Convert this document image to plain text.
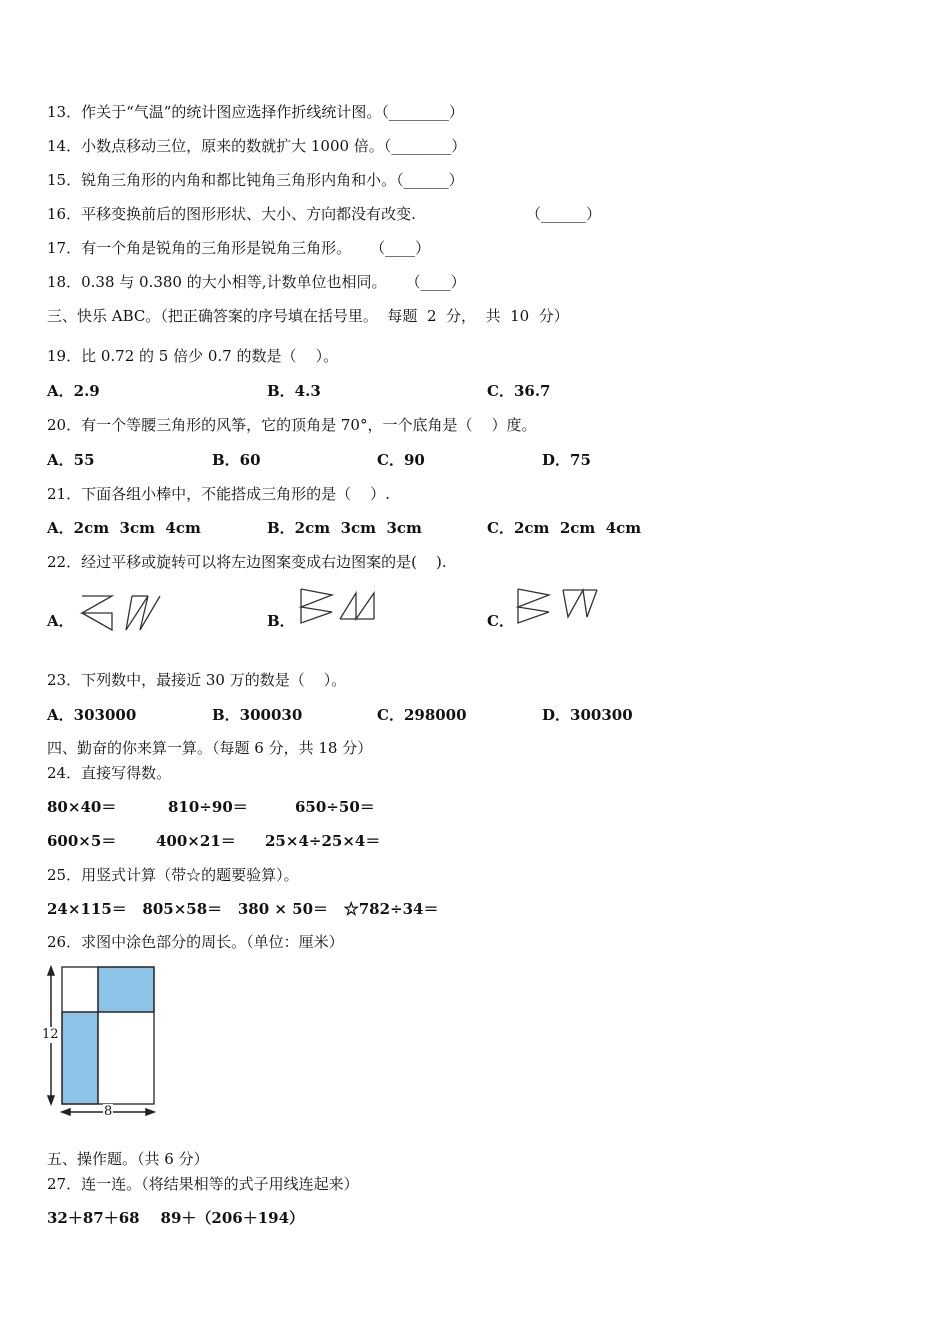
13．作关于“气温”的统计图应选择作折线统计图。（________）
14．小数点移动三位，原来的数就扩大 1000 倍。（________）
15．锐角三角形的内角和都比钝角三角形内角和小。（______）
16．平移变换前后的图形形状、大小、方向都没有改变.	（______）
17．有一个角是锐角的三角形是锐角三角形。    （____）
18．0.38 与 0.380 的大小相等,计数单位也相同。    （____）
三、快乐 ABC。（把正确答案的序号填在括号里。  每题  2  分，  共  10  分）
19．比 0.72 的 5 倍少 0.7 的数是（    ）。
A．2.9	B．4.3	C．36.7
20．有一个等腰三角形的风筝，它的顶角是 70°，一个底角是（    ）度。
A．55	B．60	C．90	D．75
21．下面各组小棒中，不能搭成三角形的是（    ）.
A．2cm  3cm  4cm	B．2cm  3cm  3cm	C．2cm  2cm  4cm
22．经过平移或旋转可以将左边图案变成右边图案的是(    ).
A．	B．	C．
23．下列数中，最接近 30 万的数是（    ）。
A．303000	B．300030	C．298000	D．300300
四、勤奋的你来算一算。（每题 6 分，共 18 分）
24．直接写得数。
80×40＝	810÷90＝	650÷50＝
600×5＝	400×21＝ 25×4÷25×4＝
25．用竖式计算（带☆的题要验算）。
24×115＝   805×58＝   380 × 50＝   ☆782÷34＝
26．求图中涂色部分的周长。（单位：厘米）
12
8
五、操作题。（共 6 分）
27．连一连。（将结果相等的式子用线连起来）
32＋87＋68    89＋（206＋194）
